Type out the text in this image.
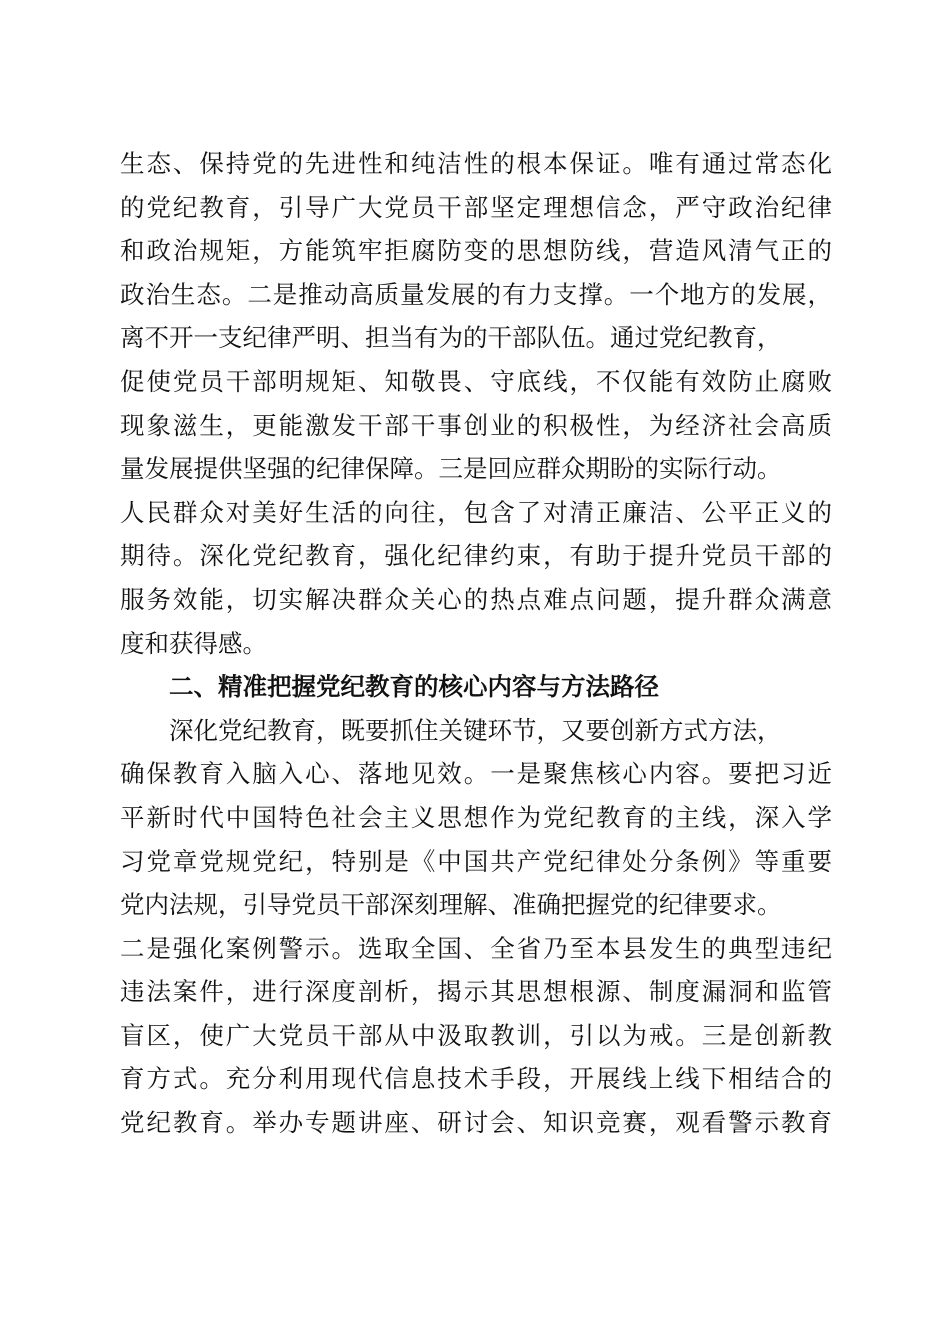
生态、保持党的先进性和纯洁性的根本保证。唯有通过常态化
的党纪教育，引导广大党员干部坚定理想信念，严守政治纪律
和政治规矩，方能筑牢拒腐防变的思想防线，营造风清气正的
政治生态。二是推动高质量发展的有力支撑。一个地方的发展，
离不开一支纪律严明、担当有为的干部队伍。通过党纪教育，
促使党员干部明规矩、知敬畏、守底线，不仅能有效防止腐败
现象滋生，更能激发干部干事创业的积极性，为经济社会高质
量发展提供坚强的纪律保障。三是回应群众期盼的实际行动。
人民群众对美好生活的向往，包含了对清正廉洁、公平正义的
期待。深化党纪教育，强化纪律约束，有助于提升党员干部的
服务效能，切实解决群众关心的热点难点问题，提升群众满意
度和获得感。
二、精准把握党纪教育的核心内容与方法路径
深化党纪教育，既要抓住关键环节，又要创新方式方法，
确保教育入脑入心、落地见效。一是聚焦核心内容。要把习近
平新时代中国特色社会主义思想作为党纪教育的主线，深入学
习党章党规党纪，特别是《中国共产党纪律处分条例》等重要
党内法规，引导党员干部深刻理解、准确把握党的纪律要求。
二是强化案例警示。选取全国、全省乃至本县发生的典型违纪
违法案件，进行深度剖析，揭示其思想根源、制度漏洞和监管
盲区，使广大党员干部从中汲取教训，引以为戒。三是创新教
育方式。充分利用现代信息技术手段，开展线上线下相结合的
党纪教育。举办专题讲座、研讨会、知识竞赛，观看警示教育
